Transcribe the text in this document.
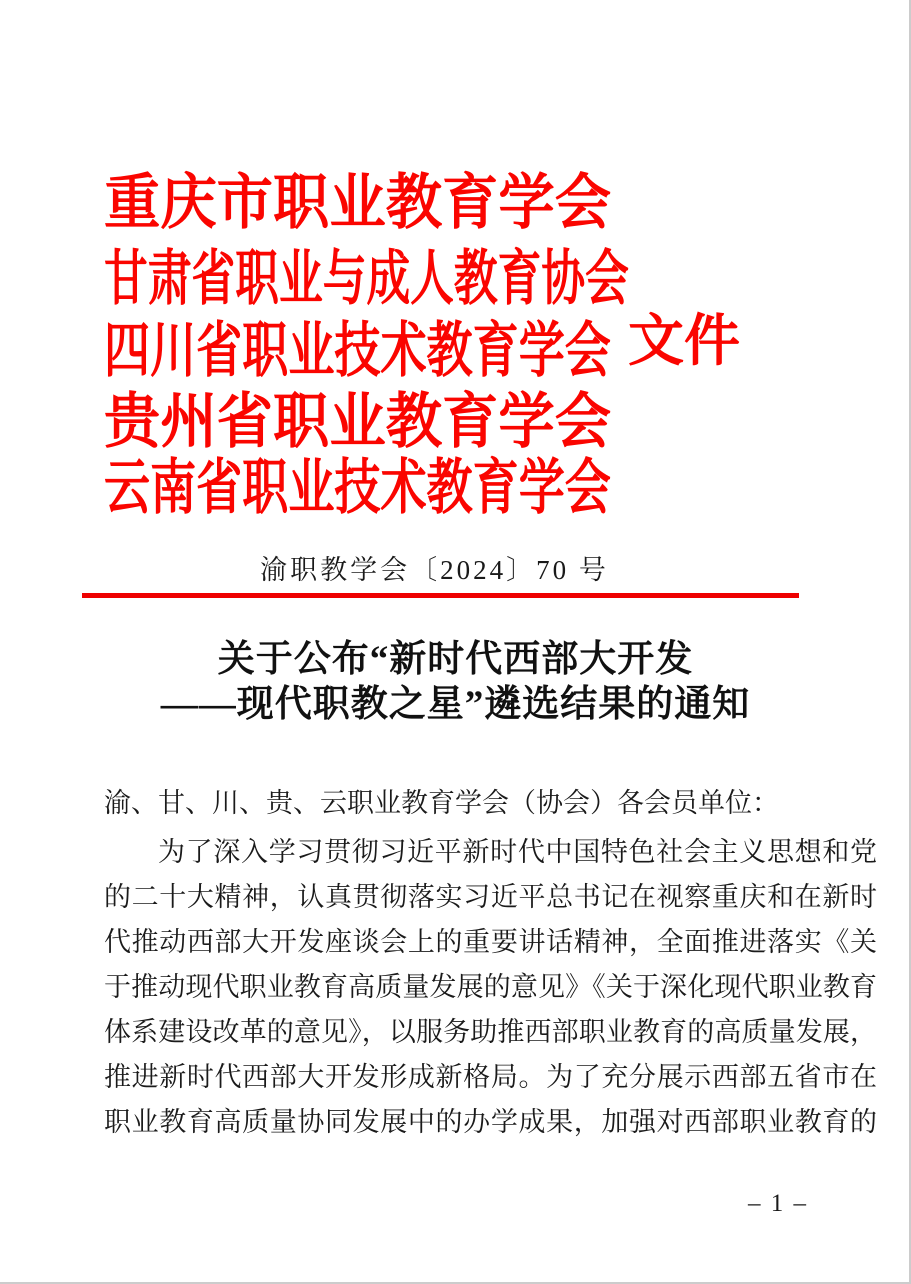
重庆市职业教育学会
甘肃省职业与成人教育协会
四川省职业技术教育学会
贵州省职业教育学会
云南省职业技术教育学会
文件
渝职教学会〔2024〕70 号
关于公布“新时代西部大开发
——现代职教之星”遴选结果的通知
渝、甘、川、贵、云职业教育学会（协会）各会员单位：
为了深入学习贯彻习近平新时代中国特色社会主义思想和党
的二十大精神，认真贯彻落实习近平总书记在视察重庆和在新时
代推动西部大开发座谈会上的重要讲话精神，全面推进落实《关
于推动现代职业教育高质量发展的意见》《关于深化现代职业教育
体系建设改革的意见》，以服务助推西部职业教育的高质量发展，
推进新时代西部大开发形成新格局。为了充分展示西部五省市在
职业教育高质量协同发展中的办学成果，加强对西部职业教育的
– 1 –
